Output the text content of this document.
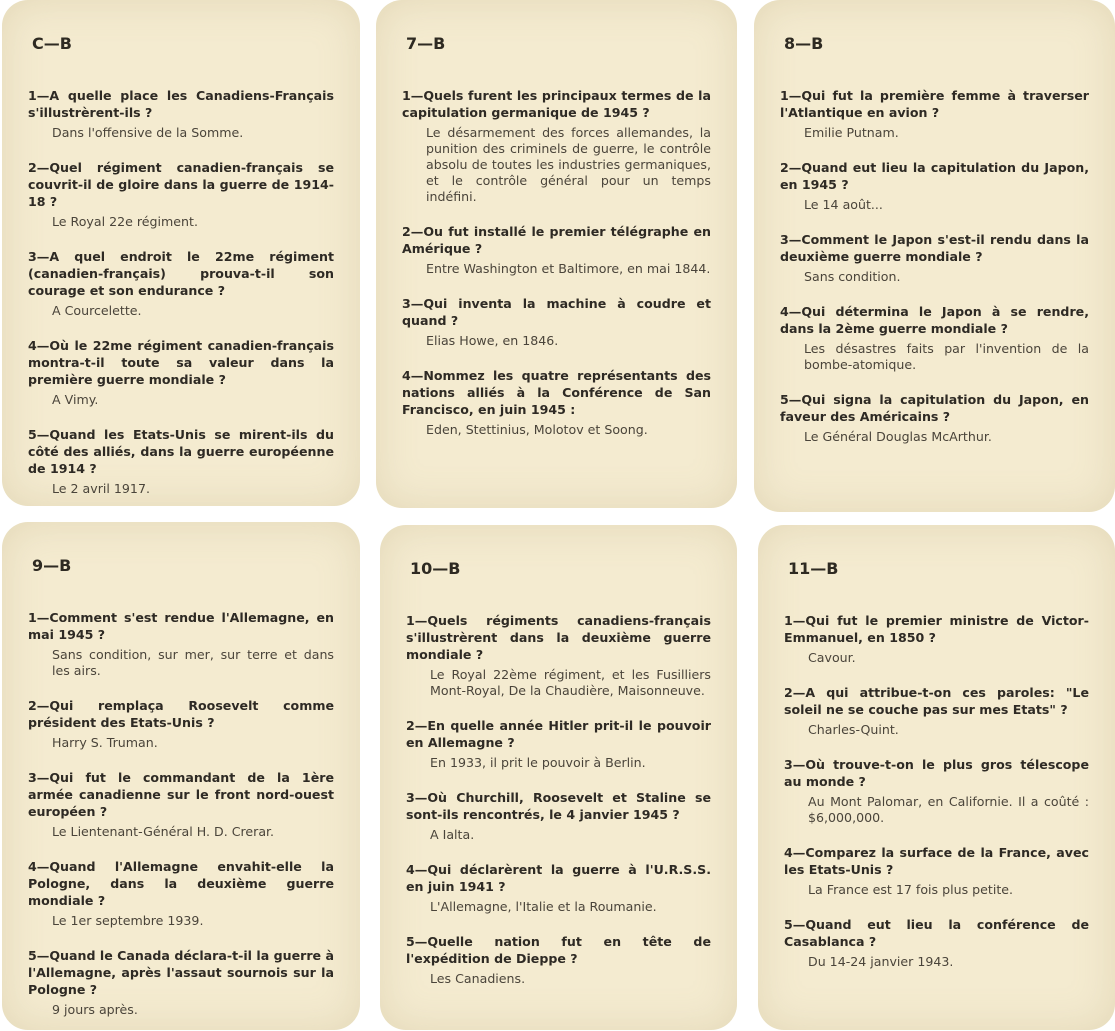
C—B

1—A quelle place les Canadiens-Français s'illustrèrent-ils ?

Dans l'offensive de la Somme.

2—Quel régiment canadien-français se couvrit-il de gloire dans la guerre de 1914-18 ?

Le Royal 22e régiment.

3—A quel endroit le 22me régiment (canadien-français) prouva-t-il son courage et son endurance ?

A Courcelette.

4—Où le 22me régiment canadien-français montra-t-il toute sa valeur dans la première guerre mondiale ?

A Vimy.

5—Quand les Etats-Unis se mirent-ils du côté des alliés, dans la guerre européenne de 1914 ?

Le 2 avril 1917.

7—B

1—Quels furent les principaux termes de la capitulation germanique de 1945 ?

Le désarmement des forces allemandes, la punition des criminels de guerre, le contrôle absolu de toutes les industries germaniques, et le contrôle général pour un temps indéfini.

2—Ou fut installé le premier télégraphe en Amérique ?

Entre Washington et Baltimore, en mai 1844.

3—Qui inventa la machine à coudre et quand ?

Elias Howe, en 1846.

4—Nommez les quatre représentants des nations alliés à la Conférence de San Francisco, en juin 1945 :

Eden, Stettinius, Molotov et Soong.

8—B

1—Qui fut la première femme à traverser l'Atlantique en avion ?

Emilie Putnam.

2—Quand eut lieu la capitulation du Japon, en 1945 ?

Le 14 août...

3—Comment le Japon s'est-il rendu dans la deuxième guerre mondiale ?

Sans condition.

4—Qui détermina le Japon à se rendre, dans la 2ème guerre mondiale ?

Les désastres faits par l'invention de la bombe-atomique.

5—Qui signa la capitulation du Japon, en faveur des Américains ?

Le Général Douglas McArthur.

9—B

1—Comment s'est rendue l'Allemagne, en mai 1945 ?

Sans condition, sur mer, sur terre et dans les airs.

2—Qui remplaça Roosevelt comme président des Etats-Unis ?

Harry S. Truman.

3—Qui fut le commandant de la 1ère armée canadienne sur le front nord-ouest européen ?

Le Lientenant-Général H. D. Crerar.

4—Quand l'Allemagne envahit-elle la Pologne, dans la deuxième guerre mondiale ?

Le 1er septembre 1939.

5—Quand le Canada déclara-t-il la guerre à l'Allemagne, après l'assaut sournois sur la Pologne ?

9 jours après.

10—B

1—Quels régiments canadiens-français s'illustrèrent dans la deuxième guerre mondiale ?

Le Royal 22ème régiment, et les Fusilliers Mont-Royal, De la Chaudière, Maisonneuve.

2—En quelle année Hitler prit-il le pouvoir en Allemagne ?

En 1933, il prit le pouvoir à Berlin.

3—Où Churchill, Roosevelt et Staline se sont-ils rencontrés, le 4 janvier 1945 ?

A Ialta.

4—Qui déclarèrent la guerre à l'U.R.S.S. en juin 1941 ?

L'Allemagne, l'Italie et la Roumanie.

5—Quelle nation fut en tête de l'expédition de Dieppe ?

Les Canadiens.

11—B

1—Qui fut le premier ministre de Victor-Emmanuel, en 1850 ?

Cavour.

2—A qui attribue-t-on ces paroles: "Le soleil ne se couche pas sur mes Etats" ?

Charles-Quint.

3—Où trouve-t-on le plus gros télescope au monde ?

Au Mont Palomar, en Californie. Il a coûté : $6,000,000.

4—Comparez la surface de la France, avec les Etats-Unis ?

La France est 17 fois plus petite.

5—Quand eut lieu la conférence de Casablanca ?

Du 14-24 janvier 1943.
